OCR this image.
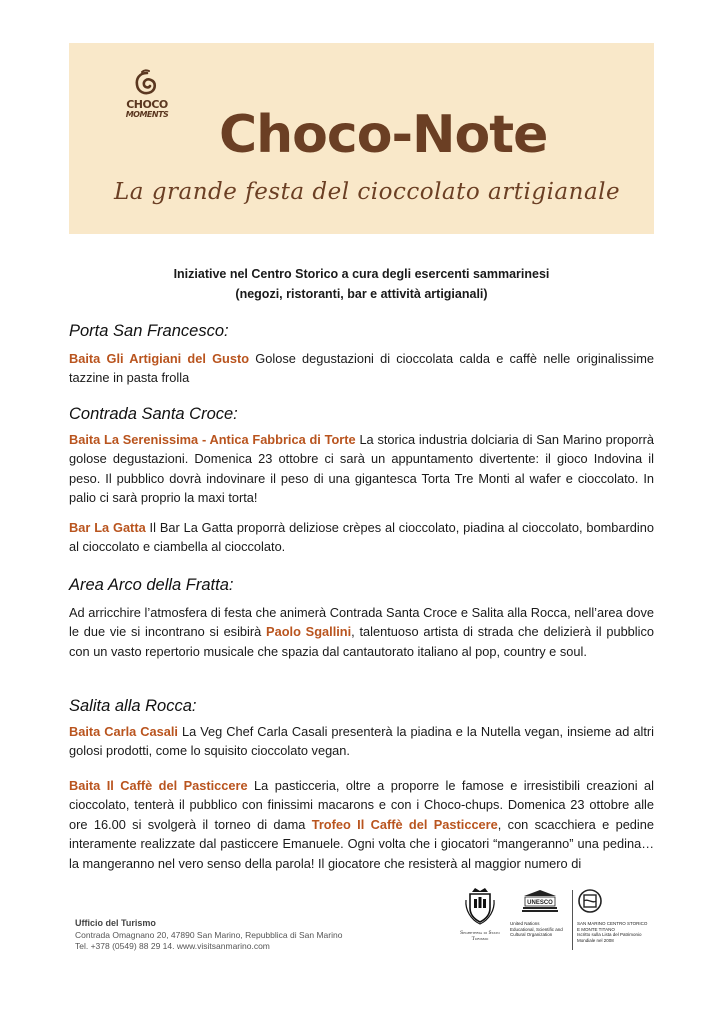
CHOCO
MOMENTS Choco-Note
La grande festa del cioccolato artigianale
Iniziative nel Centro Storico a cura degli esercenti sammarinesi
(negozi, ristoranti, bar e attività artigianali)
Porta San Francesco:
Baita Gli Artigiani del Gusto Golose degustazioni di cioccolata calda e caffè nelle originalissime tazzine in pasta frolla
Contrada Santa Croce:
Baita La Serenissima - Antica Fabbrica di Torte La storica industria dolciaria di San Marino proporrà golose degustazioni. Domenica 23 ottobre ci sarà un appuntamento divertente: il gioco Indovina il peso. Il pubblico dovrà indovinare il peso di una gigantesca Torta Tre Monti al wafer e cioccolato. In palio ci sarà proprio la maxi torta!
Bar La Gatta Il Bar La Gatta proporrà deliziose crèpes al cioccolato, piadina al cioccolato, bombardino al cioccolato e ciambella al cioccolato.
Area Arco della Fratta:
Ad arricchire l’atmosfera di festa che animerà Contrada Santa Croce e Salita alla Rocca, nell’area dove le due vie si incontrano si esibirà Paolo Sgallini, talentuoso artista di strada che delizierà il pubblico con un vasto repertorio musicale che spazia dal cantautorato italiano al pop, country e soul.
Salita alla Rocca:
Baita Carla Casali La Veg Chef Carla Casali presenterà la piadina e la Nutella vegan, insieme ad altri golosi prodotti, come lo squisito cioccolato vegan.
Baita Il Caffè del Pasticcere La pasticceria, oltre a proporre le famose e irresistibili creazioni al cioccolato, tenterà il pubblico con finissimi macarons e con i Choco-chups. Domenica 23 ottobre alle ore 16.00 si svolgerà il torneo di dama Trofeo Il Caffè del Pasticcere, con scacchiera e pedine interamente realizzate dal pasticcere Emanuele. Ogni volta che i giocatori “mangeranno” una pedina…la mangeranno nel vero senso della parola! Il giocatore che resisterà al maggior numero di
Ufficio del Turismo
Contrada Omagnano 20, 47890 San Marino, Repubblica di San Marino
Tel. +378 (0549) 88 29 14. www.visitsanmarino.com
Segreteria di Stato
Turismo
UNESCO
United Nations
Educational, Scientific and
Cultural Organization
SAN MARINO CENTRO STORICO
E MONTE TITANO
Iscritto sulla Lista del Patrimonio Mondiale nel 2008
